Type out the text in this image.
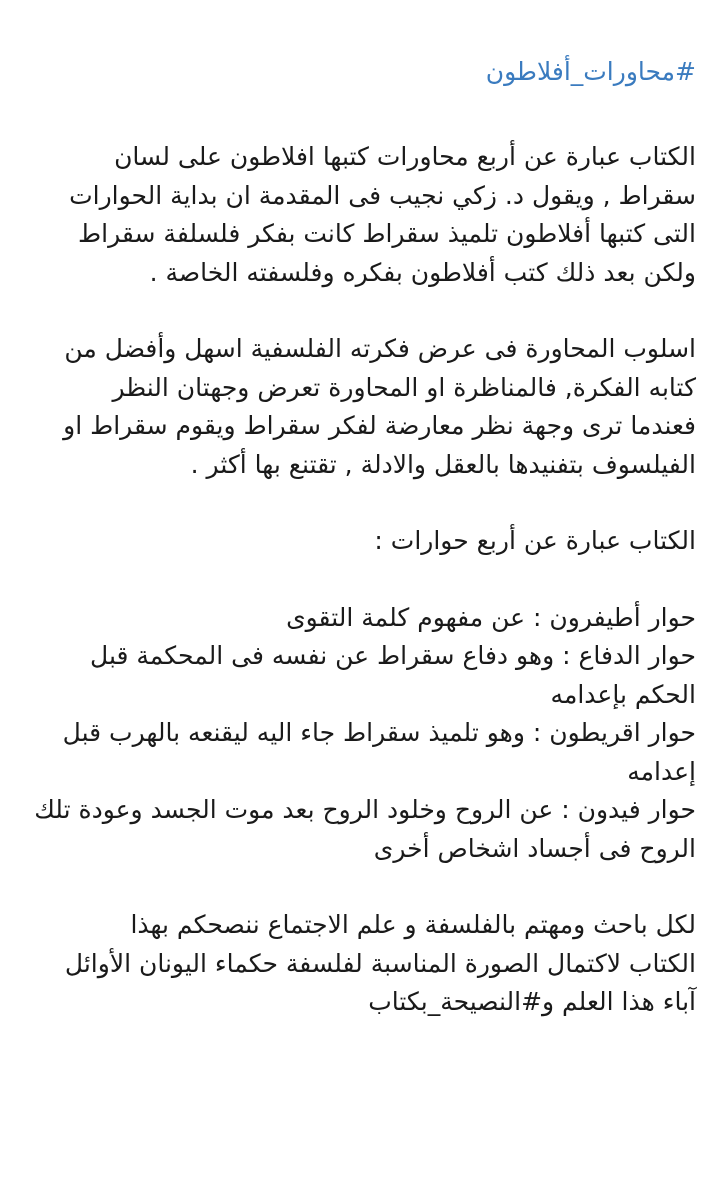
#محاورات_أفلاطون
الكتاب عبارة عن أربع محاورات كتبها افلاطون على لسان
سقراط , ويقول د. زكي نجيب فى المقدمة ان بداية الحوارات
التى كتبها أفلاطون تلميذ سقراط كانت بفكر فلسلفة سقراط
ولكن بعد ذلك كتب أفلاطون بفكره وفلسفته الخاصة .
اسلوب المحاورة فى عرض فكرته الفلسفية اسهل وأفضل من
كتابه الفكرة, فالمناظرة او المحاورة تعرض وجهتان النظر
فعندما ترى وجهة نظر معارضة لفكر سقراط ويقوم سقراط او
الفيلسوف بتفنيدها بالعقل والادلة , تقتنع بها أكثر .
الكتاب عبارة عن أربع حوارات :
حوار أطيفرون : عن مفهوم كلمة التقوى
حوار الدفاع : وهو دفاع سقراط عن نفسه فى المحكمة قبل الحكم بإعدامه
حوار اقريطون : وهو تلميذ سقراط جاء اليه ليقنعه بالهرب قبل إعدامه
حوار فيدون : عن الروح وخلود الروح بعد موت الجسد وعودة تلك الروح فى أجساد اشخاص أخرى
لكل باحث ومهتم بالفلسفة و علم الاجتماع ننصحكم بهذا
الكتاب لاكتمال الصورة المناسبة لفلسفة حكماء اليونان الأوائل
آباء هذا العلم و#النصيحة_بكتاب
